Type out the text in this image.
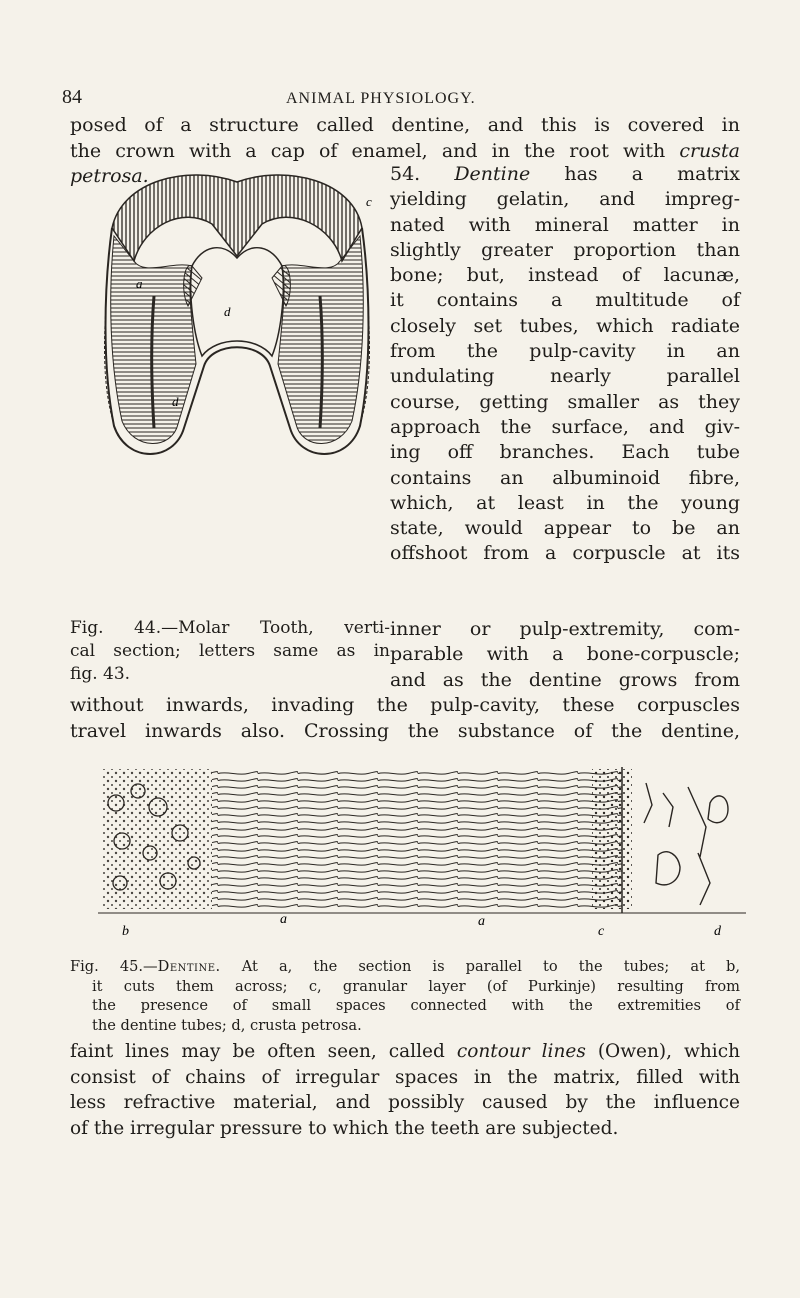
84	ANIMAL PHYSIOLOGY.

posed of a structure called dentine, and this is covered in
the crown with a cap of enamel, and in the root with crusta
petrosa.

a
c
d
d

54. Dentine has a matrix
yielding gelatin, and impreg-
nated with mineral matter in
slightly greater proportion than
bone; but, instead of lacunæ,
it contains a multitude of
closely set tubes, which radiate
from the pulp-cavity in an
undulating nearly parallel
course, getting smaller as they
approach the surface, and giv-
ing off branches. Each tube
contains an albuminoid fibre,
which, at least in the young
state, would appear to be an
offshoot from a corpuscle at its

Fig. 44.—Molar Tooth, verti-
cal section; letters same as in
fig. 43.

inner or pulp-extremity, com-
parable with a bone-corpuscle;
and as the dentine grows from

without inwards, invading the pulp-cavity, these corpuscles
travel inwards also. Crossing the substance of the dentine,

b
a	a
c	d

Fig. 45.—Dentine. At a, the section is parallel to the tubes; at b,
it cuts them across; c, granular layer (of Purkinje) resulting from
the presence of small spaces connected with the extremities of
the dentine tubes; d, crusta petrosa.

faint lines may be often seen, called contour lines (Owen), which
consist of chains of irregular spaces in the matrix, filled with
less refractive material, and possibly caused by the influence
of the irregular pressure to which the teeth are subjected.
